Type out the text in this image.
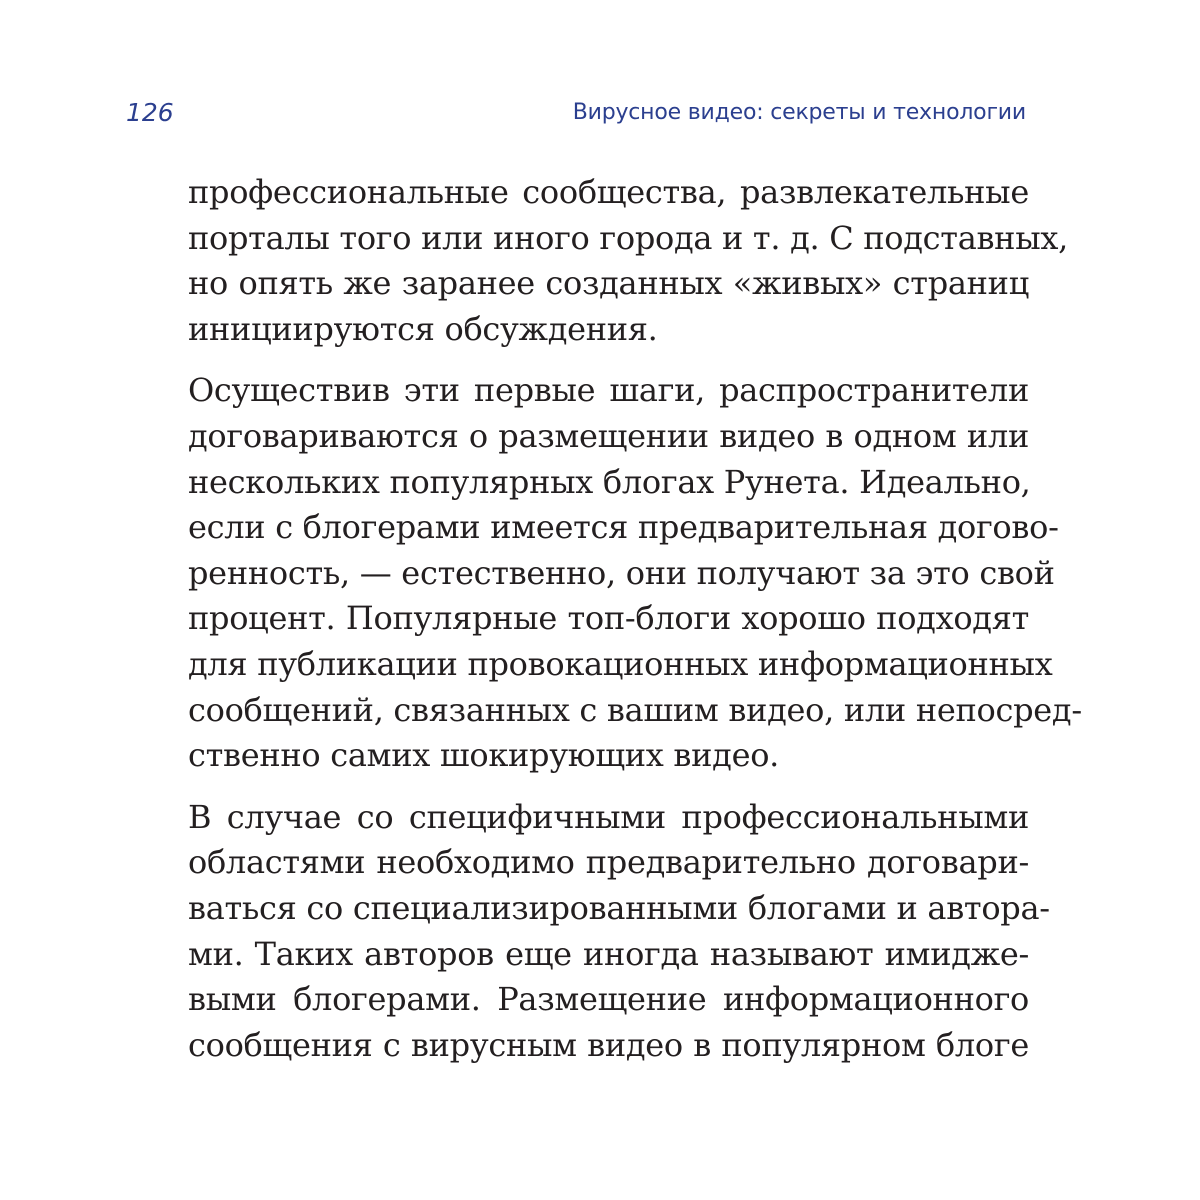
126	Вирусное видео: секреты и технологии
профессиональные сообщества, развлекательные
порталы того или иного города и т. д. С подставных,
но опять же заранее созданных «живых» страниц
инициируются обсуждения.
Осуществив эти первые шаги, распространители
договариваются о размещении видео в одном или
нескольких популярных блогах Рунета. Идеально,
если с блогерами имеется предварительная догово-
ренность, — естественно, они получают за это свой
процент. Популярные топ-блоги хорошо подходят
для публикации провокационных информационных
сообщений, связанных с вашим видео, или непосред-
ственно самих шокирующих видео.
В случае со специфичными профессиональными
областями необходимо предварительно договари-
ваться со специализированными блогами и автора-
ми. Таких авторов еще иногда называют имидже-
выми блогерами. Размещение информационного
сообщения с вирусным видео в популярном блоге
